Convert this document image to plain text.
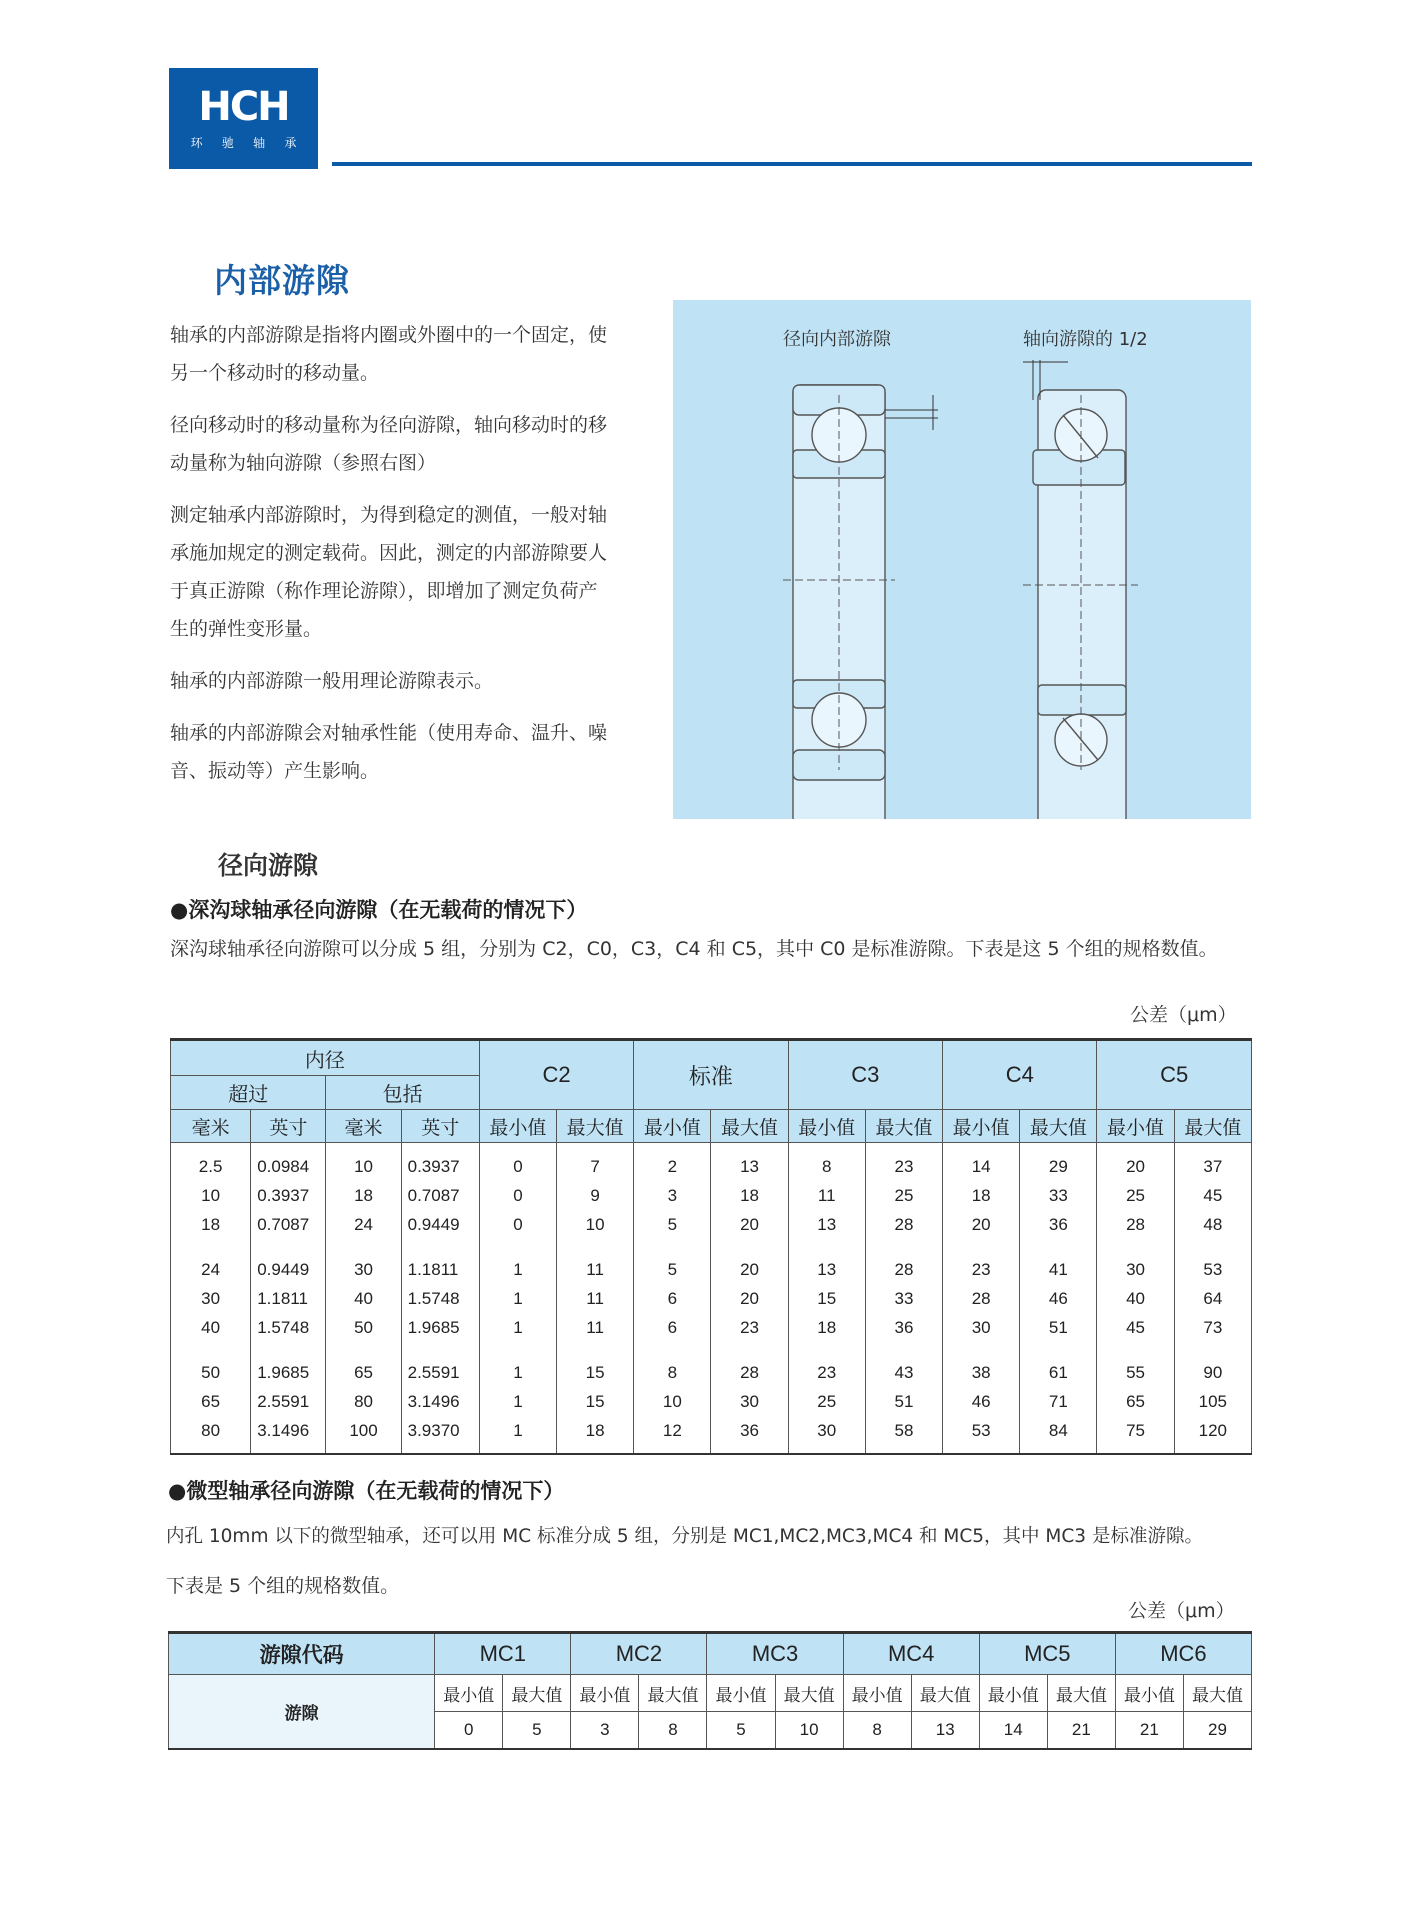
HCH
环 驰 轴 承
内部游隙

轴承的内部游隙是指将内圈或外圈中的一个固定，使另一个移动时的移动量。

径向移动时的移动量称为径向游隙，轴向移动时的移动量称为轴向游隙（参照右图）

测定轴承内部游隙时，为得到稳定的测值，一般对轴承施加规定的测定载荷。因此，测定的内部游隙要人于真正游隙（称作理论游隙），即增加了测定负荷产生的弹性变形量。

轴承的内部游隙一般用理论游隙表示。

轴承的内部游隙会对轴承性能（使用寿命、温升、噪音、振动等）产生影响。

径向内部游隙	轴向游隙的 1/2
径向游隙
●深沟球轴承径向游隙（在无载荷的情况下）
深沟球轴承径向游隙可以分成 5 组，分别为 C2，C0，C3，C4 和 C5，其中 C0 是标准游隙。下表是这 5 个组的规格数值。
公差（μm）
内径				C2		标准		C3		C4		C5	
超过		包括											
毫米	英寸	毫米	英寸	最小值	最大值	最小值	最大值	最小值	最大值	最小值	最大值	最小值	最大值
2.5	0.0984	10	0.3937	0	7	2	13	8	23	14	29	20	37
10	0.3937	18	0.7087	0	9	3	18	11	25	18	33	25	45
18	0.7087	24	0.9449	0	10	5	20	13	28	20	36	28	48
24	0.9449	30	1.1811	1	11	5	20	13	28	23	41	30	53
30	1.1811	40	1.5748	1	11	6	20	15	33	28	46	40	64
40	1.5748	50	1.9685	1	11	6	23	18	36	30	51	45	73
50	1.9685	65	2.5591	1	15	8	28	23	43	38	61	55	90
65	2.5591	80	3.1496	1	15	10	30	25	51	46	71	65	105
80	3.1496	100	3.9370	1	18	12	36	30	58	53	84	75	120
●微型轴承径向游隙（在无载荷的情况下）
内孔 10mm 以下的微型轴承，还可以用 MC 标准分成 5 组，分别是 MC1,MC2,MC3,MC4 和 MC5，其中 MC3 是标准游隙。
下表是 5 个组的规格数值。
公差（μm）
游隙代码	MC1		MC2		MC3		MC4		MC5		MC6	
游隙	最小值	最大值	最小值	最大值	最小值	最大值	最小值	最大值	最小值	最大值	最小值	最大值
	0	5	3	8	5	10	8	13	14	21	21	29
